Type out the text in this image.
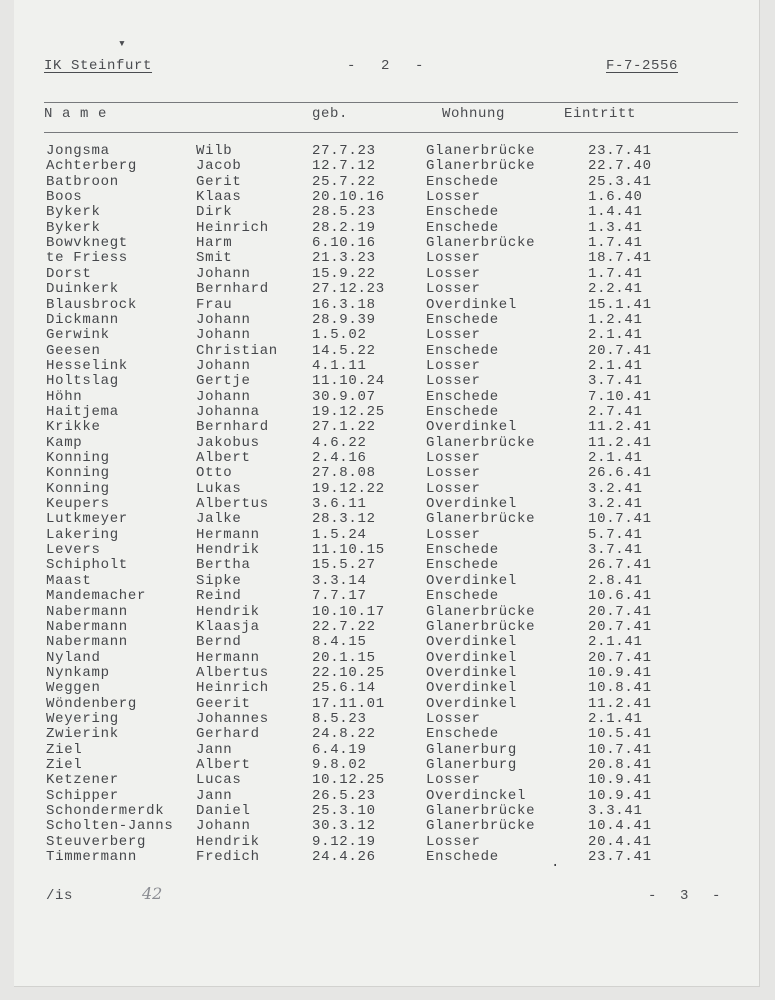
▾
IK Steinfurt	- 2 -	F-7-2556
N a m e	geb.	Wohnung	Eintritt
Jongsma	Wilb	27.7.23	Glanerbrücke	23.7.41
Achterberg	Jacob	12.7.12	Glanerbrücke	22.7.40
Batbroon	Gerit	25.7.22	Enschede	25.3.41
Boos	Klaas	20.10.16	Losser	1.6.40
Bykerk	Dirk	28.5.23	Enschede	1.4.41
Bykerk	Heinrich	28.2.19	Enschede	1.3.41
Bowvknegt	Harm	6.10.16	Glanerbrücke	1.7.41
te Friess	Smit	21.3.23	Losser	18.7.41
Dorst	Johann	15.9.22	Losser	1.7.41
Duinkerk	Bernhard	27.12.23	Losser	2.2.41
Blausbrock	Frau	16.3.18	Overdinkel	15.1.41
Dickmann	Johann	28.9.39	Enschede	1.2.41
Gerwink	Johann	1.5.02	Losser	2.1.41
Geesen	Christian 14.5.22	Enschede	20.7.41
Hesselink	Johann	4.1.11	Losser	2.1.41
Holtslag	Gertje	11.10.24	Losser	3.7.41
Höhn	Johann	30.9.07	Enschede	7.10.41
Haitjema	Johanna	19.12.25	Enschede	2.7.41
Krikke	Bernhard	27.1.22	Overdinkel	11.2.41
Kamp	Jakobus	4.6.22	Glanerbrücke	11.2.41
Konning	Albert	2.4.16	Losser	2.1.41
Konning	Otto	27.8.08	Losser	26.6.41
Konning	Lukas	19.12.22	Losser	3.2.41
Keupers	Albertus	3.6.11	Overdinkel	3.2.41
Lutkmeyer	Jalke	28.3.12	Glanerbrücke	10.7.41
Lakering	Hermann	1.5.24	Losser	5.7.41
Levers	Hendrik	11.10.15	Enschede	3.7.41
Schipholt	Bertha	15.5.27	Enschede	26.7.41
Maast	Sipke	3.3.14	Overdinkel	2.8.41
Mandemacher	Reind	7.7.17	Enschede	10.6.41
Nabermann	Hendrik	10.10.17	Glanerbrücke	20.7.41
Nabermann	Klaasja	22.7.22	Glanerbrücke	20.7.41
Nabermann	Bernd	8.4.15	Overdinkel	2.1.41
Nyland	Hermann	20.1.15	Overdinkel	20.7.41
Nynkamp	Albertus	22.10.25	Overdinkel	10.9.41
Weggen	Heinrich	25.6.14	Overdinkel	10.8.41
Wöndenberg	Geerit	17.11.01	Overdinkel	11.2.41
Weyering	Johannes	8.5.23	Losser	2.1.41
Zwierink	Gerhard	24.8.22	Enschede	10.5.41
Ziel	Jann	6.4.19	Glanerburg	10.7.41
Ziel	Albert	9.8.02	Glanerburg	20.8.41
Ketzener	Lucas	10.12.25	Losser	10.9.41
Schipper	Jann	26.5.23	Overdinckel	10.9.41
Schondermerdk Daniel	25.3.10	Glanerbrücke	3.3.41
Scholten-Janns Johann	30.3.12	Glanerbrücke	10.4.41
Steuverberg	Hendrik	9.12.19	Losser	20.4.41
Timmermann	Fredich	24.4.26	Enschede	23.7.41
·
/is	42	- 3 -
